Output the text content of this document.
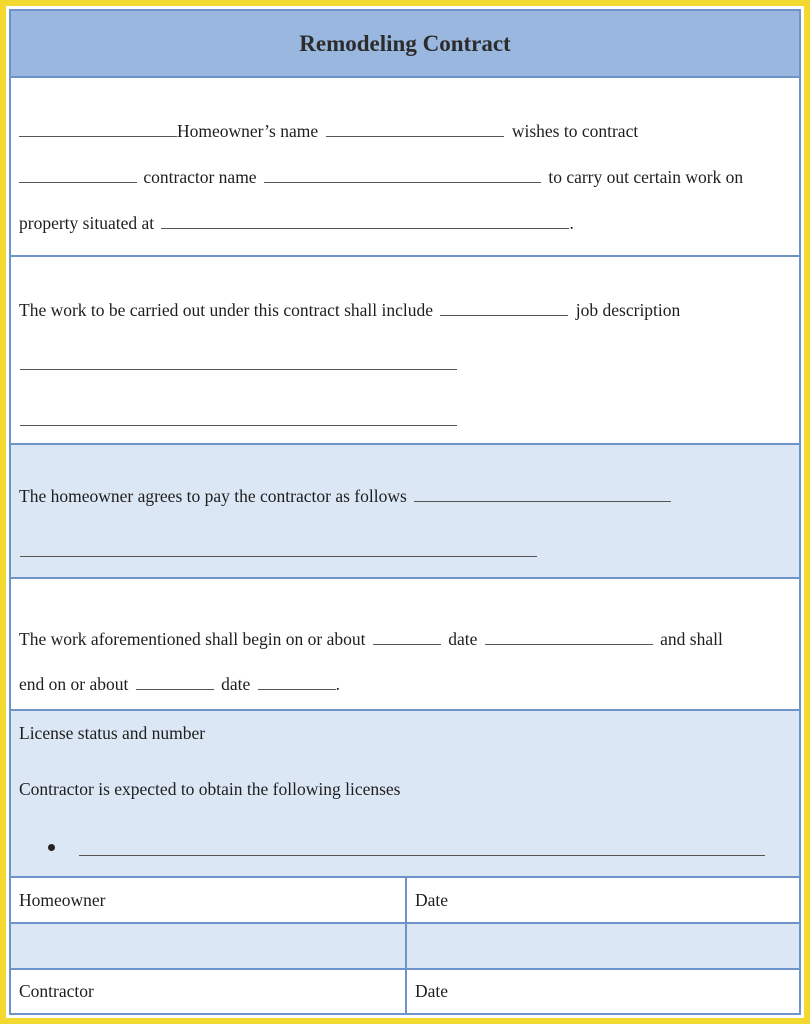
Remodeling Contract
Homeowner’s name	wishes to contract
contractor name	to carry out certain work on
property situated at	.
The work to be carried out under this contract shall include	job description
The homeowner agrees to pay the contractor as follows
The work aforementioned shall begin on or about	date	and shall
end on or about	date	.
License status and number
Contractor is expected to obtain the following licenses
Homeowner	Date
Contractor	Date
